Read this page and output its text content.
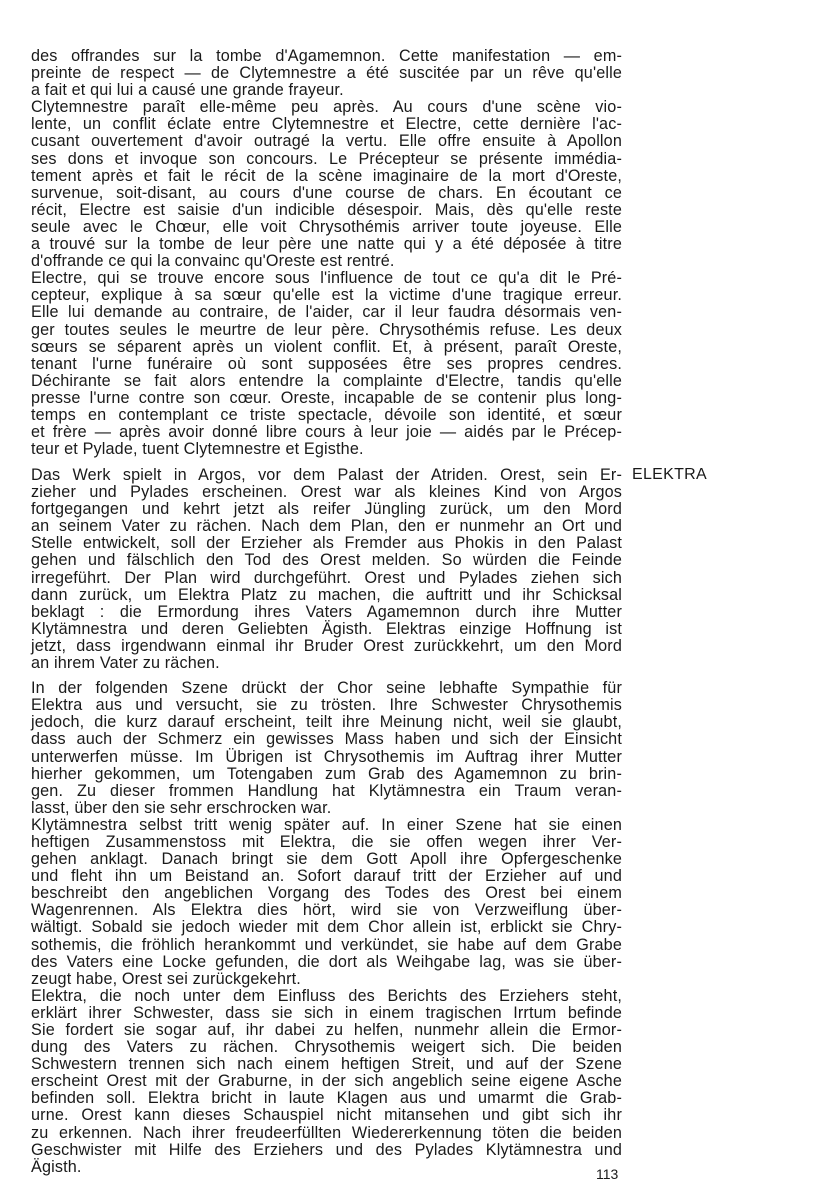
des offrandes sur la tombe d'Agamemnon. Cette manifestation — em-
preinte de respect — de Clytemnestre a été suscitée par un rêve qu'elle
a fait et qui lui a causé une grande frayeur.

Clytemnestre paraît elle-même peu après. Au cours d'une scène vio-
lente, un conflit éclate entre Clytemnestre et Electre, cette dernière l'ac-
cusant ouvertement d'avoir outragé la vertu. Elle offre ensuite à Apollon
ses dons et invoque son concours. Le Précepteur se présente immédia-
tement après et fait le récit de la scène imaginaire de la mort d'Oreste,
survenue, soit-disant, au cours d'une course de chars. En écoutant ce
récit, Electre est saisie d'un indicible désespoir. Mais, dès qu'elle reste
seule avec le Chœur, elle voit Chrysothémis arriver toute joyeuse. Elle
a trouvé sur la tombe de leur père une natte qui y a été déposée à titre
d'offrande ce qui la convainc qu'Oreste est rentré.

Electre, qui se trouve encore sous l'influence de tout ce qu'a dit le Pré-
cepteur, explique à sa sœur qu'elle est la victime d'une tragique erreur.
Elle lui demande au contraire, de l'aider, car il leur faudra désormais ven-
ger toutes seules le meurtre de leur père. Chrysothémis refuse. Les deux
sœurs se séparent après un violent conflit. Et, à présent, paraît Oreste,
tenant l'urne funéraire où sont supposées être ses propres cendres.
Déchirante se fait alors entendre la complainte d'Electre, tandis qu'elle
presse l'urne contre son cœur. Oreste, incapable de se contenir plus long-
temps en contemplant ce triste spectacle, dévoile son identité, et sœur
et frère — après avoir donné libre cours à leur joie — aidés par le Précep-
teur et Pylade, tuent Clytemnestre et Egisthe.

ELEKTRA

Das Werk spielt in Argos, vor dem Palast der Atriden. Orest, sein Er-
zieher und Pylades erscheinen. Orest war als kleines Kind von Argos
fortgegangen und kehrt jetzt als reifer Jüngling zurück, um den Mord
an seinem Vater zu rächen. Nach dem Plan, den er nunmehr an Ort und
Stelle entwickelt, soll der Erzieher als Fremder aus Phokis in den Palast
gehen und fälschlich den Tod des Orest melden. So würden die Feinde
irregeführt. Der Plan wird durchgeführt. Orest und Pylades ziehen sich
dann zurück, um Elektra Platz zu machen, die auftritt und ihr Schicksal
beklagt : die Ermordung ihres Vaters Agamemnon durch ihre Mutter
Klytämnestra und deren Geliebten Ägisth. Elektras einzige Hoffnung ist
jetzt, dass irgendwann einmal ihr Bruder Orest zurückkehrt, um den Mord
an ihrem Vater zu rächen.

In der folgenden Szene drückt der Chor seine lebhafte Sympathie für
Elektra aus und versucht, sie zu trösten. Ihre Schwester Chrysothemis
jedoch, die kurz darauf erscheint, teilt ihre Meinung nicht, weil sie glaubt,
dass auch der Schmerz ein gewisses Mass haben und sich der Einsicht
unterwerfen müsse. Im Übrigen ist Chrysothemis im Auftrag ihrer Mutter
hierher gekommen, um Totengaben zum Grab des Agamemnon zu brin-
gen. Zu dieser frommen Handlung hat Klytämnestra ein Traum veran-
lasst, über den sie sehr erschrocken war.

Klytämnestra selbst tritt wenig später auf. In einer Szene hat sie einen
heftigen Zusammenstoss mit Elektra, die sie offen wegen ihrer Ver-
gehen anklagt. Danach bringt sie dem Gott Apoll ihre Opfergeschenke
und fleht ihn um Beistand an. Sofort darauf tritt der Erzieher auf und
beschreibt den angeblichen Vorgang des Todes des Orest bei einem
Wagenrennen. Als Elektra dies hört, wird sie von Verzweiflung über-
wältigt. Sobald sie jedoch wieder mit dem Chor allein ist, erblickt sie Chry-
sothemis, die fröhlich herankommt und verkündet, sie habe auf dem Grabe
des Vaters eine Locke gefunden, die dort als Weihgabe lag, was sie über-
zeugt habe, Orest sei zurückgekehrt.

Elektra, die noch unter dem Einfluss des Berichts des Erziehers steht,
erklärt ihrer Schwester, dass sie sich in einem tragischen Irrtum befinde
Sie fordert sie sogar auf, ihr dabei zu helfen, nunmehr allein die Ermor-
dung des Vaters zu rächen. Chrysothemis weigert sich. Die beiden
Schwestern trennen sich nach einem heftigen Streit, und auf der Szene
erscheint Orest mit der Graburne, in der sich angeblich seine eigene Asche
befinden soll. Elektra bricht in laute Klagen aus und umarmt die Grab-
urne. Orest kann dieses Schauspiel nicht mitansehen und gibt sich ihr
zu erkennen. Nach ihrer freudeerfüllten Wiedererkennung töten die beiden
Geschwister mit Hilfe des Erziehers und des Pylades Klytämnestra und
Ägisth.	113
